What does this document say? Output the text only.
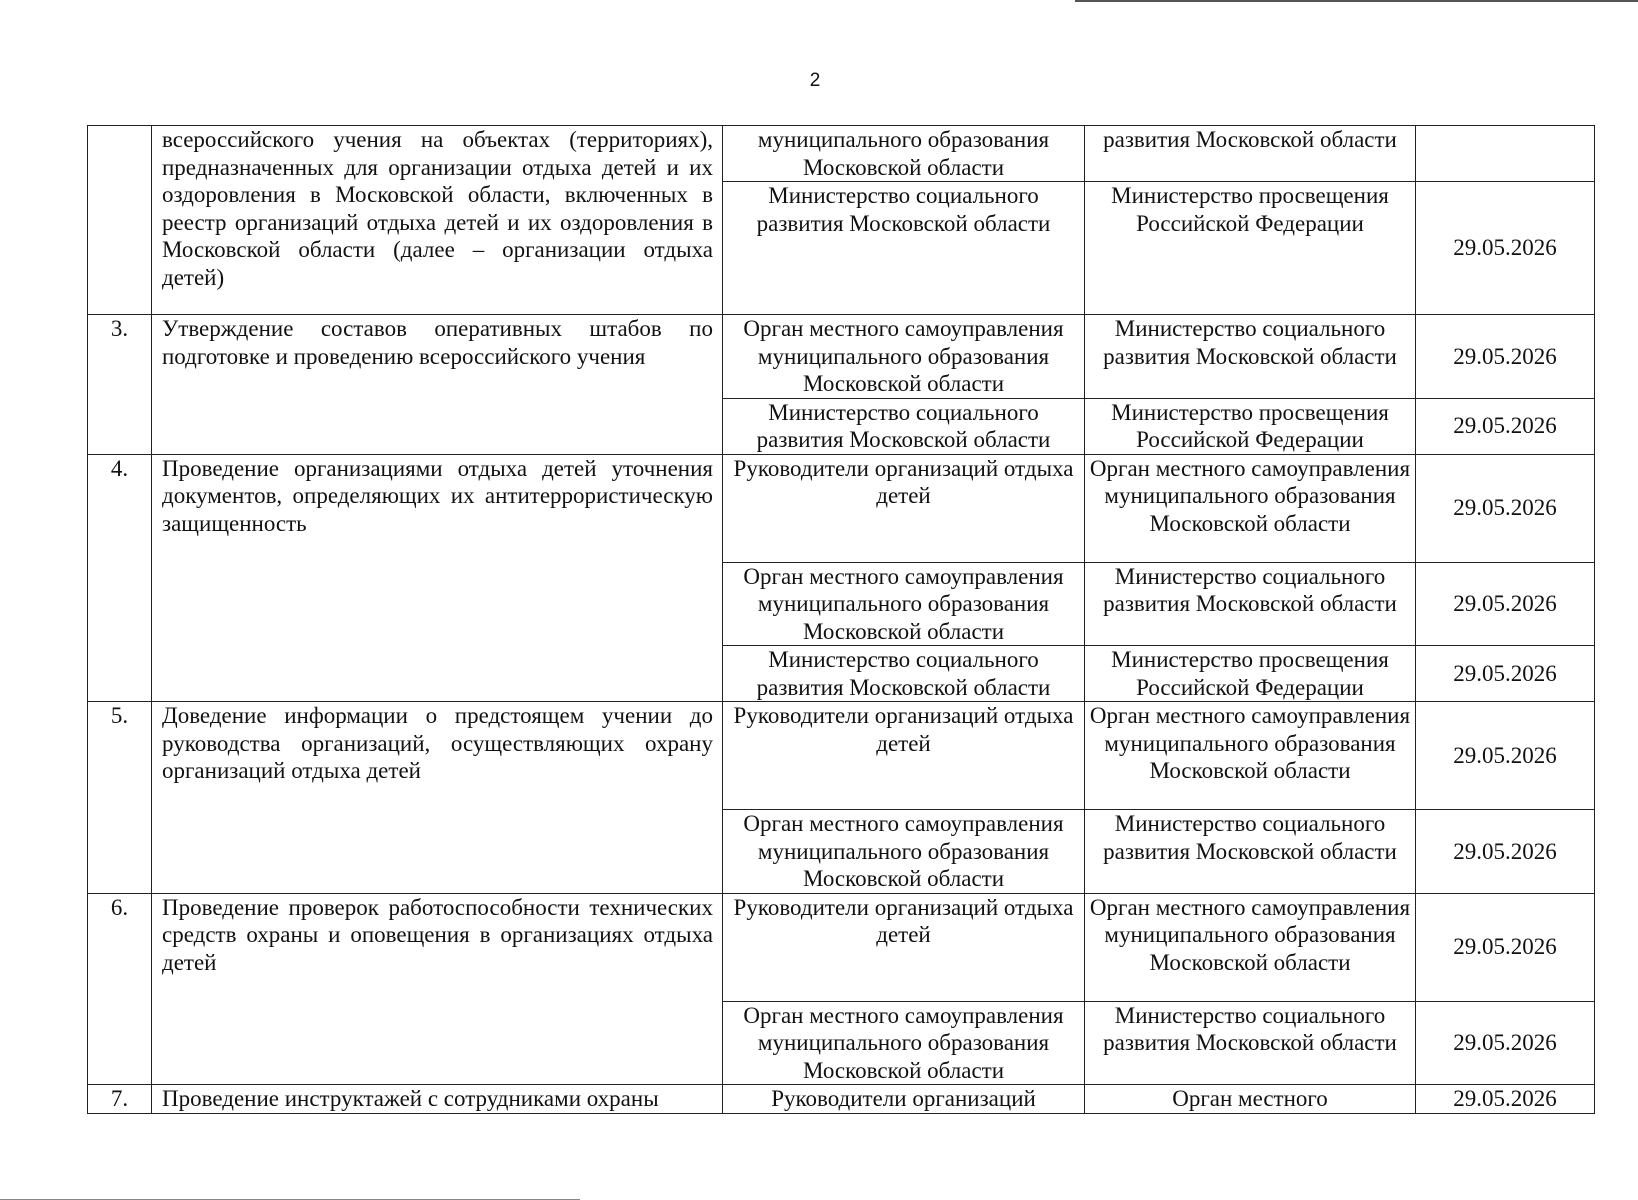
2
	всероссийского учения на объектах (территориях), предназначенных для организации отдыха детей и их оздоровления в Московской области, включенных в реестр организаций отдыха детей и их оздоровления в Московской области (далее – организации отдыха детей)	муниципального образования Московской области	развития Московской области	

		Министерство социального развития Московской области	Министерство просвещения Российской Федерации	29.05.2026

3.	Утверждение составов оперативных штабов по подготовке и проведению всероссийского учения	Орган местного самоуправления муниципального образования Московской области	Министерство социального развития Московской области	29.05.2026

		Министерство социального развития Московской области	Министерство просвещения Российской Федерации	29.05.2026

4.	Проведение организациями отдыха детей уточнения документов, определяющих их антитеррористическую защищенность	Руководители организаций отдыха детей	Орган местного самоуправления муниципального образования Московской области	29.05.2026

		Орган местного самоуправления муниципального образования Московской области	Министерство социального развития Московской области	29.05.2026

		Министерство социального развития Московской области	Министерство просвещения Российской Федерации	29.05.2026

5.	Доведение информации о предстоящем учении до руководства организаций, осуществляющих охрану организаций отдыха детей	Руководители организаций отдыха детей	Орган местного самоуправления муниципального образования Московской области	29.05.2026

		Орган местного самоуправления муниципального образования Московской области	Министерство социального развития Московской области	29.05.2026

6.	Проведение проверок работоспособности технических средств охраны и оповещения в организациях отдыха детей	Руководители организаций отдыха детей	Орган местного самоуправления муниципального образования Московской области	29.05.2026

		Орган местного самоуправления муниципального образования Московской области	Министерство социального развития Московской области	29.05.2026

7.	Проведение инструктажей с сотрудниками охраны	Руководители организаций	Орган местного	29.05.2026
